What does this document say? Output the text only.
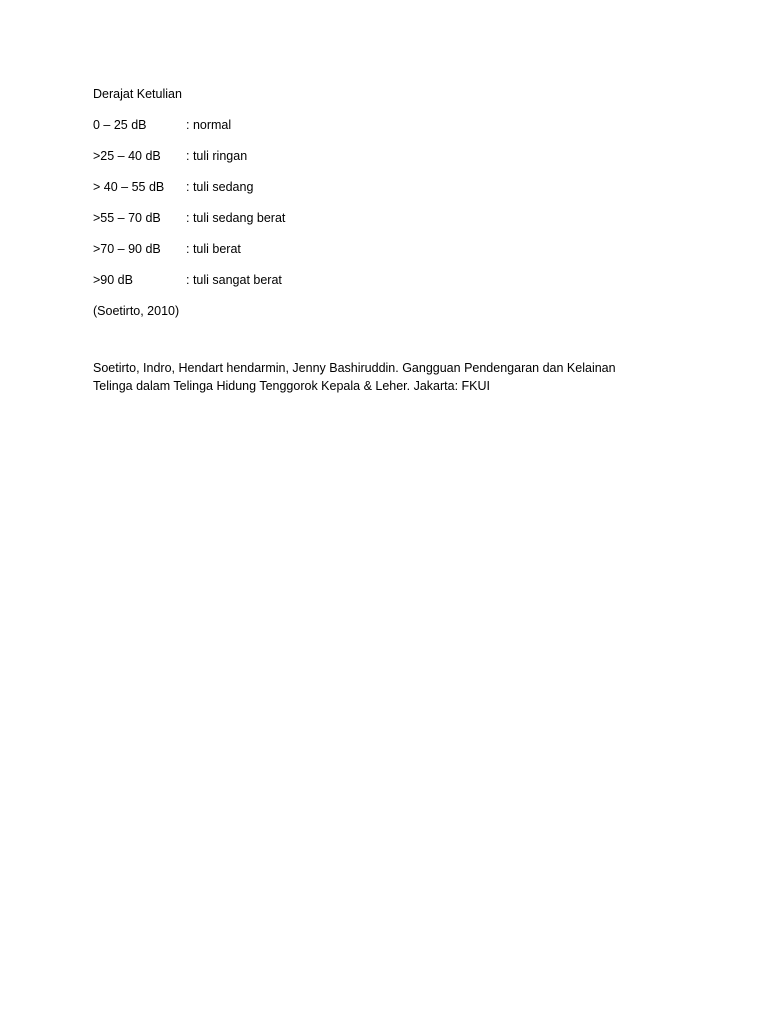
Derajat Ketulian

0 – 25 dB	: normal
>25 – 40 dB	: tuli ringan
> 40 – 55 dB	: tuli sedang
>55 – 70 dB	: tuli sedang berat
>70 – 90 dB	: tuli berat
>90 dB	: tuli sangat berat

(Soetirto, 2010)

Soetirto, Indro, Hendart hendarmin, Jenny Bashiruddin. Gangguan Pendengaran dan Kelainan Telinga dalam Telinga Hidung Tenggorok Kepala & Leher. Jakarta: FKUI
